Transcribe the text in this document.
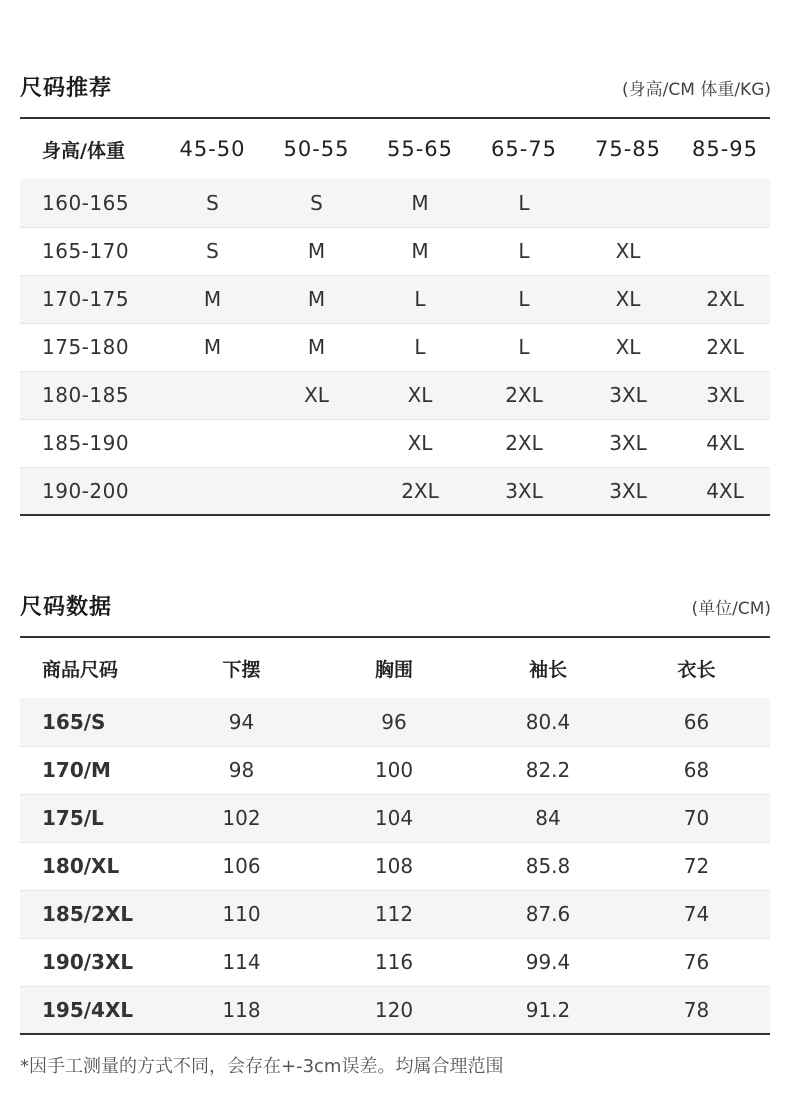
尺码推荐	(身高/CM 体重/KG)
身高/体重	45-50	50-55	55-65	65-75	75-85	85-95
160-165	S	S	M	L		
165-170	S	M	M	L	XL	
170-175	M	M	L	L	XL	2XL
175-180	M	M	L	L	XL	2XL
180-185		XL	XL	2XL	3XL	3XL
185-190			XL	2XL	3XL	4XL
190-200			2XL	3XL	3XL	4XL
尺码数据	(单位/CM)
商品尺码	下摆	胸围	袖长	衣长
165/S	94	96	80.4	66
170/M	98	100	82.2	68
175/L	102	104	84	70
180/XL	106	108	85.8	72
185/2XL	110	112	87.6	74
190/3XL	114	116	99.4	76
195/4XL	118	120	91.2	78
*因手工测量的方式不同，会存在+-3cm误差。均属合理范围
